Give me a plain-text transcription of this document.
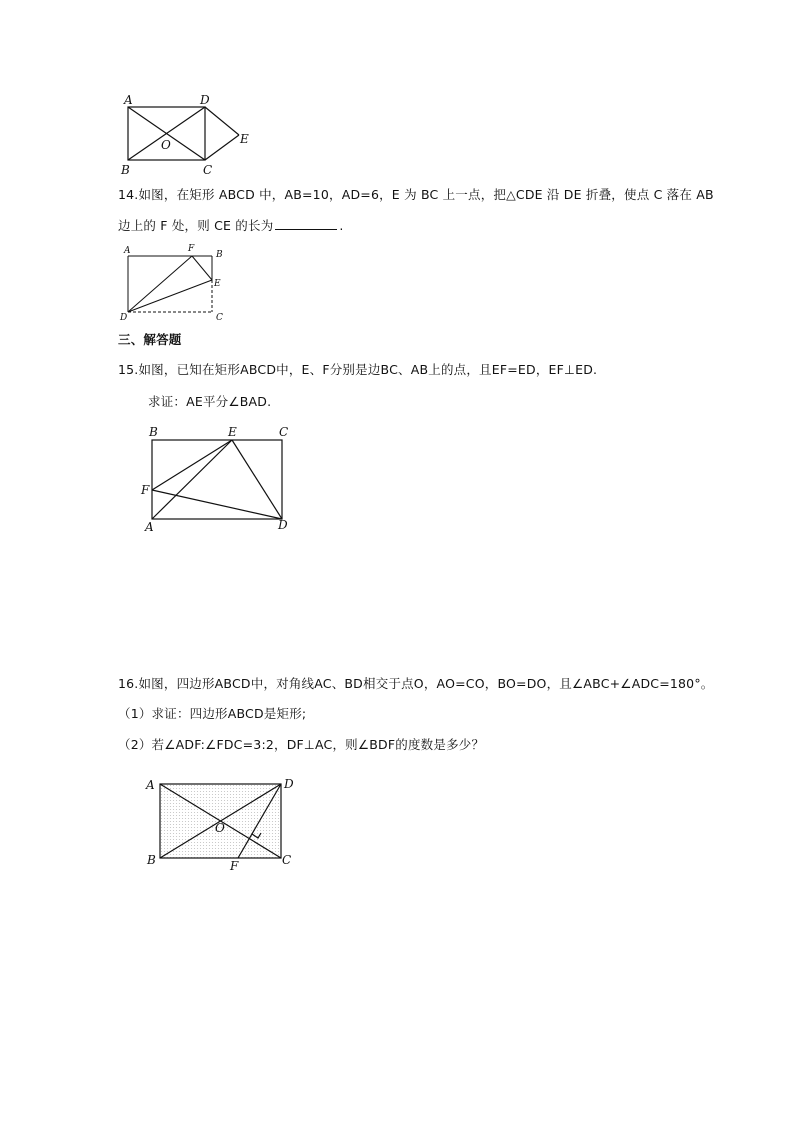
A	D
B	C
E
O
14.如图，在矩形 ABCD 中，AB=10，AD=6，E 为 BC 上一点，把△CDE 沿 DE 折叠，使点 C 落在 AB
边上的 F 处，则 CE 的长为	.
A	F
B
E
D	C
三、解答题
15.如图，已知在矩形ABCD中，E、F分别是边BC、AB上的点，且EF=ED，EF⊥ED.
求证：AE平分∠BAD.
B	E	C
F
A	D
16.如图，四边形ABCD中，对角线AC、BD相交于点O，AO=CO，BO=DO，且∠ABC+∠ADC=180°。
（1）求证：四边形ABCD是矩形;
（2）若∠ADF:∠FDC=3:2，DF⊥AC，则∠BDF的度数是多少？
A	D
B	C
F
O
